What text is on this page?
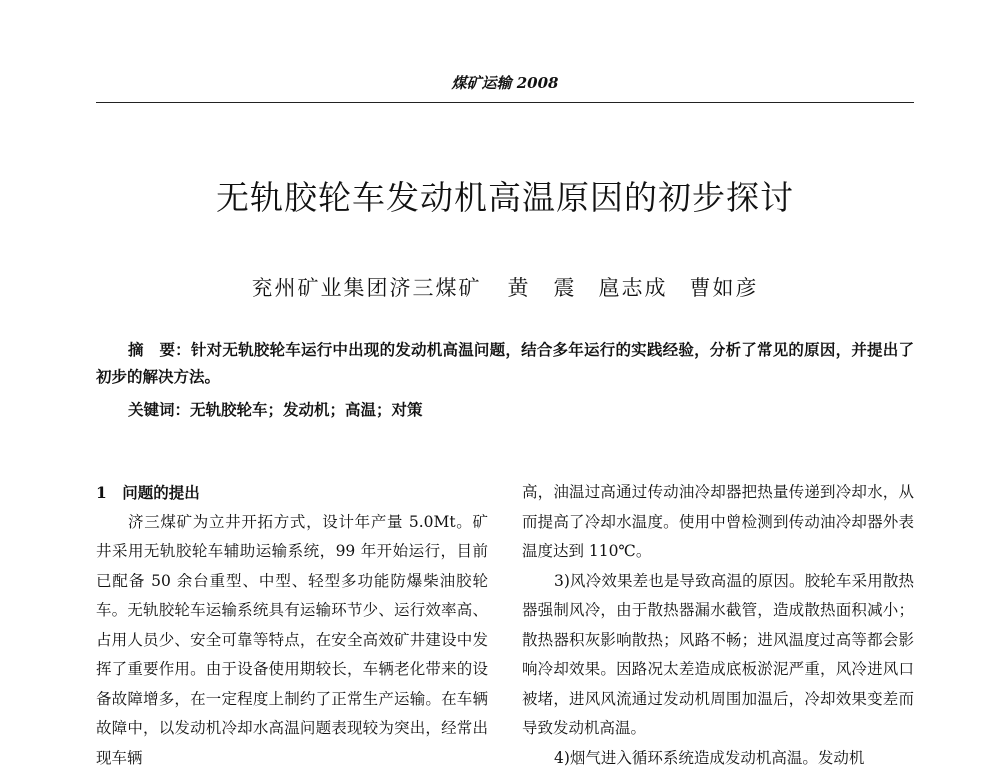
煤矿运输 2008
无轨胶轮车发动机高温原因的初步探讨
兖州矿业集团济三煤矿 黄　震 扈志成 曹如彦
摘　要：针对无轨胶轮车运行中出现的发动机高温问题，结合多年运行的实践经验，分析了常见的原因，并提出了初步的解决方法。
关键词：无轨胶轮车；发动机；高温；对策
1　问题的提出

济三煤矿为立井开拓方式，设计年产量 5.0Mt。矿井采用无轨胶轮车辅助运输系统，99 年开始运行，目前已配备 50 余台重型、中型、轻型多功能防爆柴油胶轮车。无轨胶轮车运输系统具有运输环节少、运行效率高、占用人员少、安全可靠等特点，在安全高效矿井建设中发挥了重要作用。由于设备使用期较长，车辆老化带来的设备故障增多，在一定程度上制约了正常生产运输。在车辆故障中，以发动机冷却水高温问题表现较为突出，经常出现车辆

高，油温过高通过传动油冷却器把热量传递到冷却水，从而提高了冷却水温度。使用中曾检测到传动油冷却器外表温度达到 110℃。

3)风冷效果差也是导致高温的原因。胶轮车采用散热器强制风冷，由于散热器漏水截管，造成散热面积减小；散热器积灰影响散热；风路不畅；进风温度过高等都会影响冷却效果。因路况太差造成底板淤泥严重，风冷进风口被堵，进风风流通过发动机周围加温后，冷却效果变差而导致发动机高温。

4)烟气进入循环系统造成发动机高温。发动机
